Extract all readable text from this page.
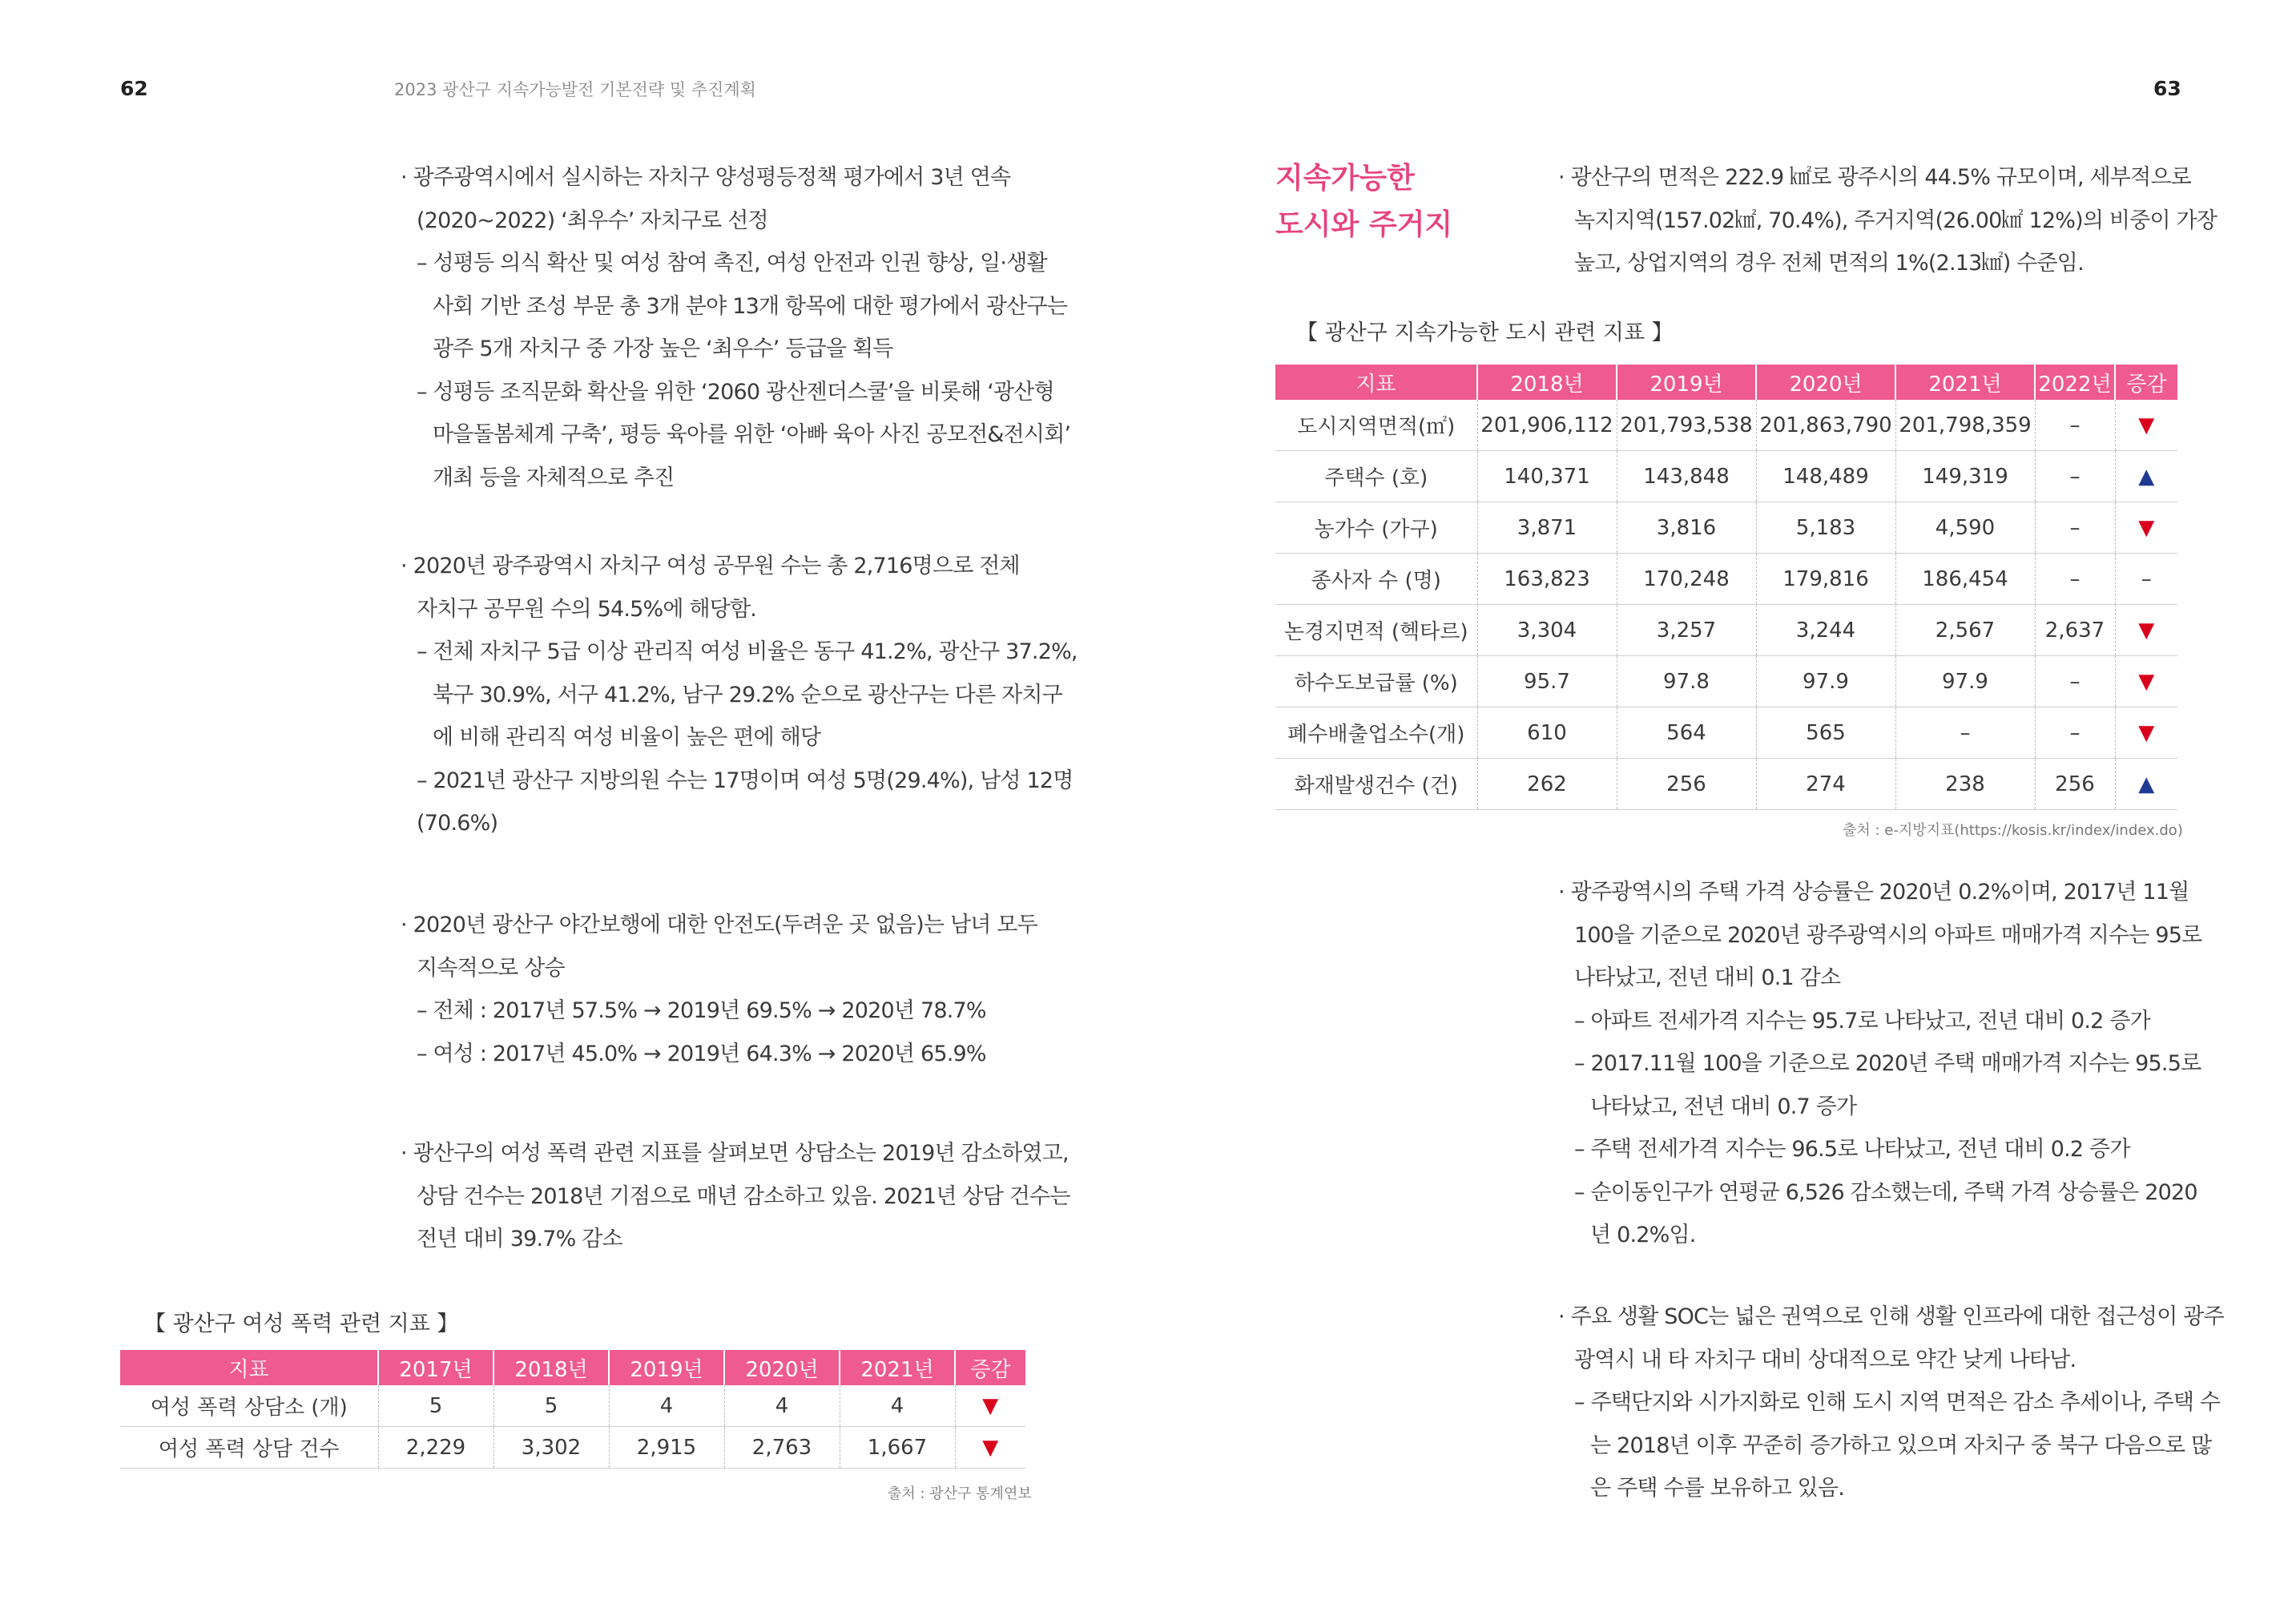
62	2023 광산구 지속가능발전 기본전략 및 추진계획

· 광주광역시에서 실시하는 자치구 양성평등정책 평가에서 3년 연속

(2020~2022) ‘최우수’ 자치구로 선정

– 성평등 의식 확산 및 여성 참여 촉진, 여성 안전과 인권 향상, 일·생활

사회 기반 조성 부문 총 3개 분야 13개 항목에 대한 평가에서 광산구는

광주 5개 자치구 중 가장 높은 ‘최우수’ 등급을 획득

– 성평등 조직문화 확산을 위한 ‘2060 광산젠더스쿨’을 비롯해 ‘광산형

마을돌봄체계 구축’, 평등 육아를 위한 ‘아빠 육아 사진 공모전&전시회’

개최 등을 자체적으로 추진

· 2020년 광주광역시 자치구 여성 공무원 수는 총 2,716명으로 전체

자치구 공무원 수의 54.5%에 해당함.

– 전체 자치구 5급 이상 관리직 여성 비율은 동구 41.2%, 광산구 37.2%,

북구 30.9%, 서구 41.2%, 남구 29.2% 순으로 광산구는 다른 자치구

에 비해 관리직 여성 비율이 높은 편에 해당

– 2021년 광산구 지방의원 수는 17명이며 여성 5명(29.4%), 남성 12명

(70.6%)

· 2020년 광산구 야간보행에 대한 안전도(두려운 곳 없음)는 남녀 모두

지속적으로 상승

– 전체 : 2017년 57.5% → 2019년 69.5% → 2020년 78.7%

– 여성 : 2017년 45.0% → 2019년 64.3% → 2020년 65.9%

· 광산구의 여성 폭력 관련 지표를 살펴보면 상담소는 2019년 감소하였고,

상담 건수는 2018년 기점으로 매년 감소하고 있음. 2021년 상담 건수는

전년 대비 39.7% 감소

【 광산구 여성 폭력 관련 지표 】
지표	2017년	2018년	2019년	2020년	2021년	증감
여성 폭력 상담소 (개)	5	5	4	4	4	▼
여성 폭력 상담 건수	2,229	3,302	2,915	2,763	1,667	▼
출처 : 광산구 통계연보
63
지속가능한
도시와 주거지

· 광산구의 면적은 222.9 ㎢로 광주시의 44.5% 규모이며, 세부적으로

녹지지역(157.02㎢, 70.4%), 주거지역(26.00㎢ 12%)의 비중이 가장

높고, 상업지역의 경우 전체 면적의 1%(2.13㎢) 수준임.

【 광산구 지속가능한 도시 관련 지표 】
지표	2018년	2019년	2020년	2021년	2022년	증감
도시지역면적(㎡)	201,906,112	201,793,538	201,863,790	201,798,359	–	▼
주택수 (호)	140,371	143,848	148,489	149,319	–	▲
농가수 (가구)	3,871	3,816	5,183	4,590	–	▼
종사자 수 (명)	163,823	170,248	179,816	186,454	–	–
논경지면적 (헥타르)	3,304	3,257	3,244	2,567	2,637	▼
하수도보급률 (%)	95.7	97.8	97.9	97.9	–	▼
폐수배출업소수(개)	610	564	565	–	–	▼
화재발생건수 (건)	262	256	274	238	256	▲
출처 : e-지방지표(https://kosis.kr/index/index.do)

· 광주광역시의 주택 가격 상승률은 2020년 0.2%이며, 2017년 11월

100을 기준으로 2020년 광주광역시의 아파트 매매가격 지수는 95로

나타났고, 전년 대비 0.1 감소

– 아파트 전세가격 지수는 95.7로 나타났고, 전년 대비 0.2 증가

– 2017.11월 100을 기준으로 2020년 주택 매매가격 지수는 95.5로

나타났고, 전년 대비 0.7 증가

– 주택 전세가격 지수는 96.5로 나타났고, 전년 대비 0.2 증가

– 순이동인구가 연평균 6,526 감소했는데, 주택 가격 상승률은 2020

년 0.2%임.

· 주요 생활 SOC는 넓은 권역으로 인해 생활 인프라에 대한 접근성이 광주

광역시 내 타 자치구 대비 상대적으로 약간 낮게 나타남.

– 주택단지와 시가지화로 인해 도시 지역 면적은 감소 추세이나, 주택 수

는 2018년 이후 꾸준히 증가하고 있으며 자치구 중 북구 다음으로 많

은 주택 수를 보유하고 있음.
